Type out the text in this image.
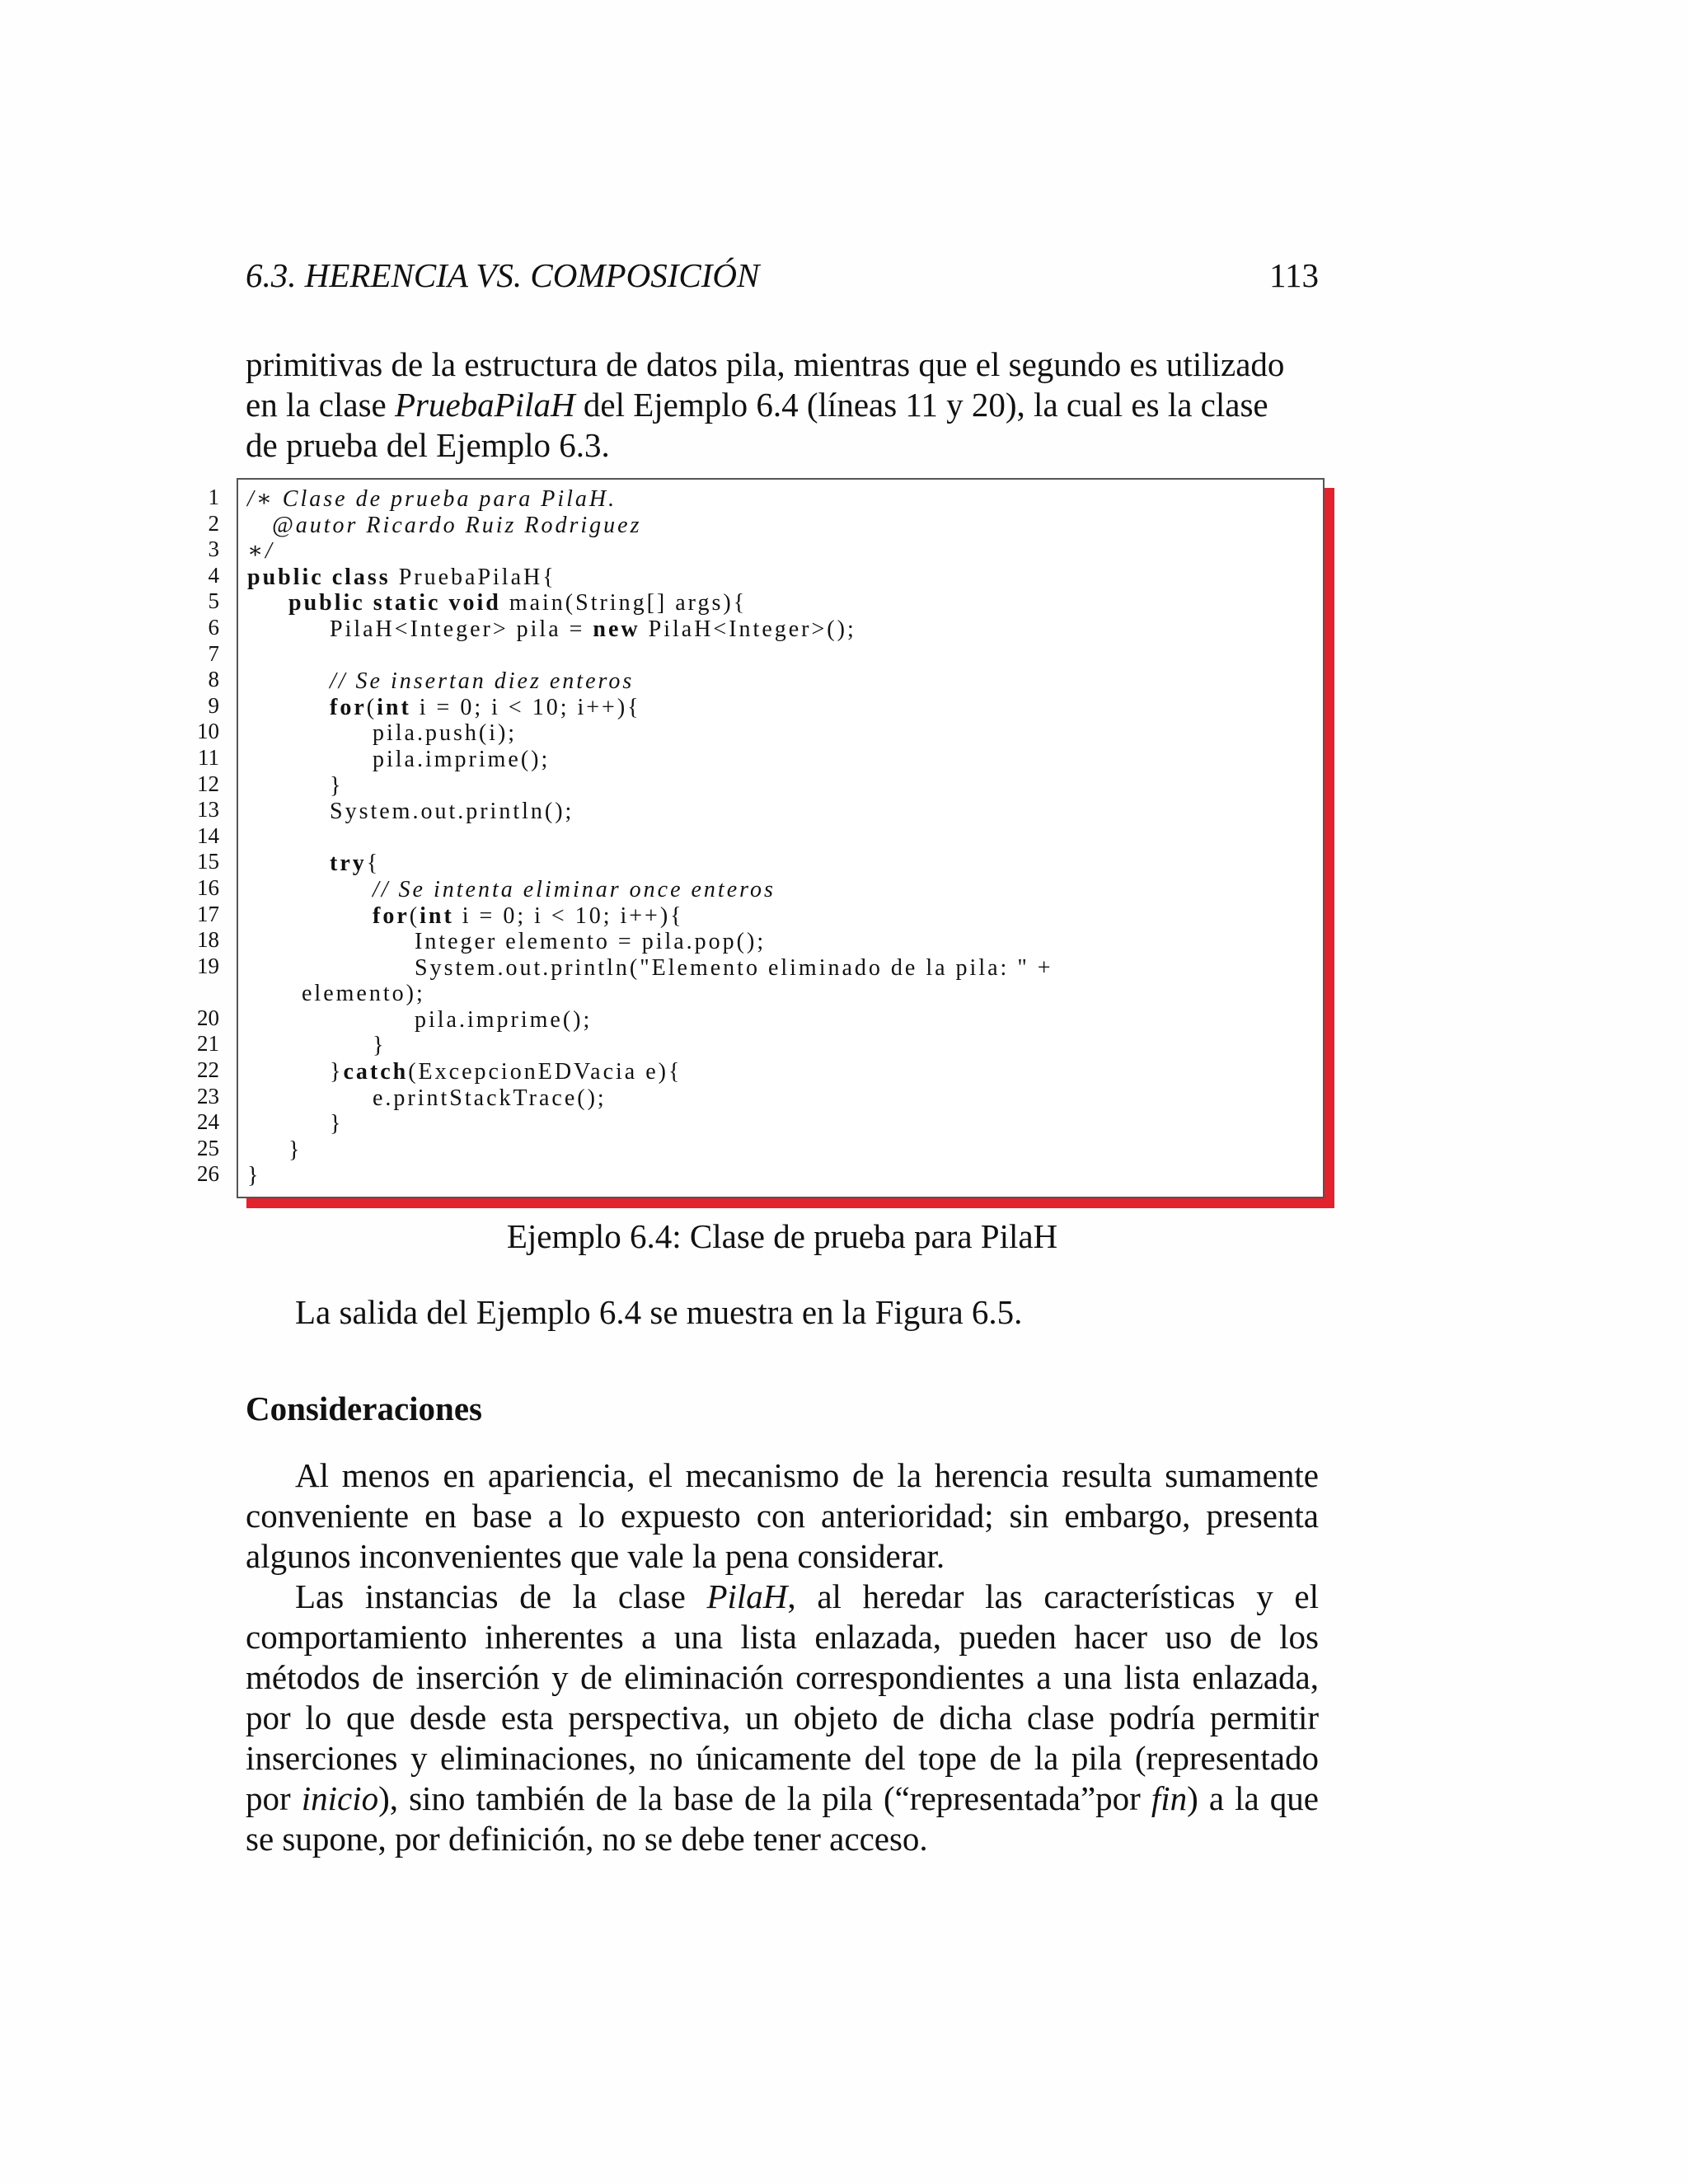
6.3. HERENCIA VS. COMPOSICIÓN	113

primitivas de la estructura de datos pila, mientras que el segundo es utilizado

en la clase PruebaPilaH del Ejemplo 6.4 (líneas 11 y 20), la cual es la clase

de prueba del Ejemplo 6.3.

1
2
3
4
5
6
7
8
9
10
11
12
13
14
15
16
17
18
19
20
21
22
23
24
25
26
/∗ Clase de prueba para PilaH.
@autor Ricardo Ruiz Rodriguez
∗/
public class PruebaPilaH{
public static void main(String[] args){
PilaH<Integer> pila = new PilaH<Integer>();
// Se insertan diez enteros
for(int i = 0; i < 10; i++){
pila.push(i);
pila.imprime();
}
System.out.println();
try{
// Se intenta eliminar once enteros
for(int i = 0; i < 10; i++){
Integer elemento = pila.pop();
System.out.println("Elemento eliminado de la pila: " +
elemento);
pila.imprime();
}
}catch(ExcepcionEDVacia e){
e.printStackTrace();
}
}
}
Ejemplo 6.4: Clase de prueba para PilaH

La salida del Ejemplo 6.4 se muestra en la Figura 6.5.

Consideraciones

Al menos en apariencia, el mecanismo de la herencia resulta sumamente conveniente en base a lo expuesto con anterioridad; sin embargo, presenta algunos inconvenientes que vale la pena considerar.

Las instancias de la clase PilaH, al heredar las características y el comportamiento inherentes a una lista enlazada, pueden hacer uso de los métodos de inserción y de eliminación correspondientes a una lista enlazada, por lo que desde esta perspectiva, un objeto de dicha clase podría permitir inserciones y eliminaciones, no únicamente del tope de la pila (representado por inicio), sino también de la base de la pila (“representada”por fin) a la que se supone, por definición, no se debe tener acceso.
